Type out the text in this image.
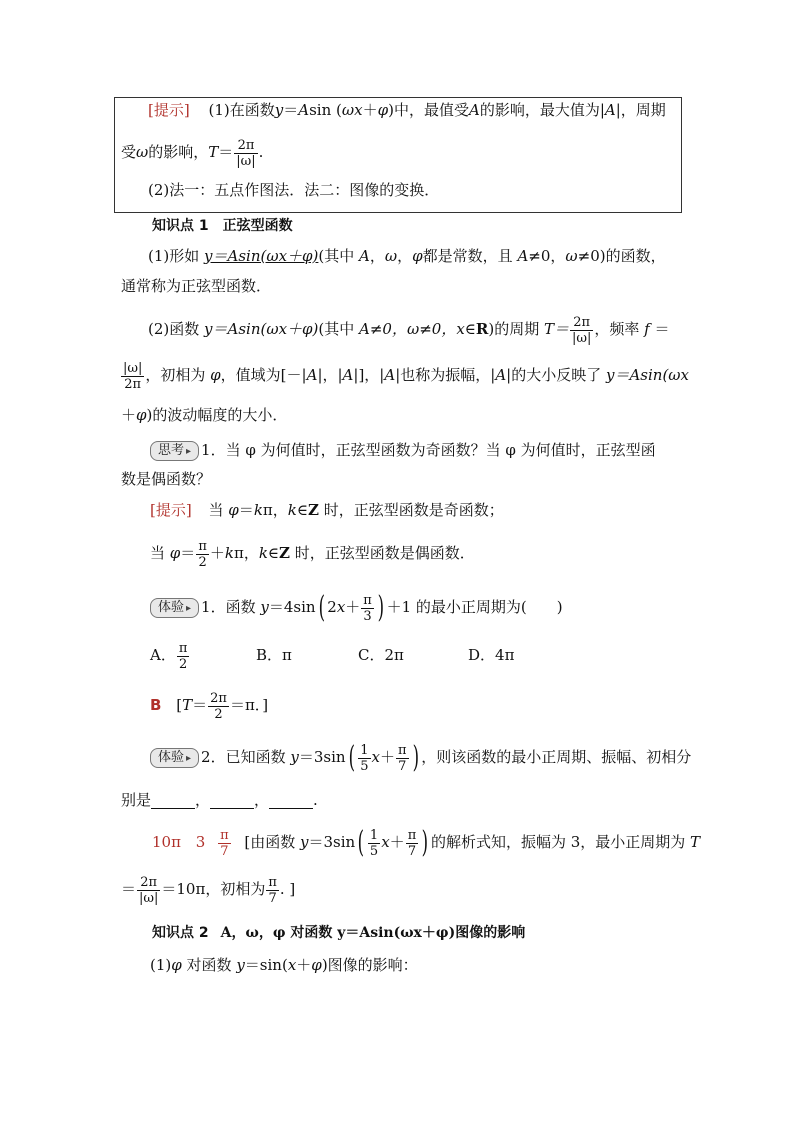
[提示] (1)在函数y＝Asin (ωx＋φ)中，最值受A的影响，最大值为|A|，周期
受ω的影响，$T= \frac{2\pi}{|\omega|}$ .
(2)法一：五点作图法．法二：图像的变换．
知识点 1 正弦型函数
(1)形如 y＝Asin(ωx＋φ)(其中 A，ω，φ都是常数，且 A≠0，ω≠0)的函数，
通常称为正弦型函数．
(2)函数 y＝Asin(ωx＋φ)(其中 A≠0，ω≠0，x∈R)的周期 $T= \frac{2\pi}{|\omega|}$ ，频率 f ＝
$\frac{|\omega|}{2\pi}$ ，初相为 φ，值域为[－|A|，|A|]，|A|也称为振幅，|A|的大小反映了 y＝Asin(ωx
＋φ)的波动幅度的大小．
思考 ▸ 1．当 φ 为何值时，正弦型函数为奇函数？当 φ 为何值时，正弦型函
数是偶函数？
[提示] 当 φ＝kπ，k∈Z 时，正弦型函数是奇函数；
当 $\varphi= \frac{\pi}{2} +k\pi$，k∈Z 时，正弦型函数是偶函数．
体验 ▸ 1．函数 y＝4sin( $2x+ \frac{\pi}{3}$ ) ＋1 的最小正周期为(　　)
A． $\frac{\pi}{2}$	B．π	C．2π	D．4π
B [$T= \frac{2\pi}{2} =\pi$．]
体验 ▸ 2．已知函数 $y=3\sin( \frac{1}{5} x+ \frac{\pi}{7}$ ) ，则该函数的最小正周期、振幅、初相分
别是	，	，	.
10π $3 \frac{\pi}{7}$ [由函数 $y=3\sin( \frac{1}{5} x+ \frac{\pi}{7}$ ) 的解析式知，振幅为 3，最小正周期为 T
＝ $\frac{2\pi}{|\omega|} =10\pi$，初相为 $\frac{\pi}{7}$ . ]
知识点 2 A，ω，φ 对函数 y＝Asin(ωx＋φ)图像的影响
(1)φ 对函数 y＝sin(x＋φ)图像的影响：
